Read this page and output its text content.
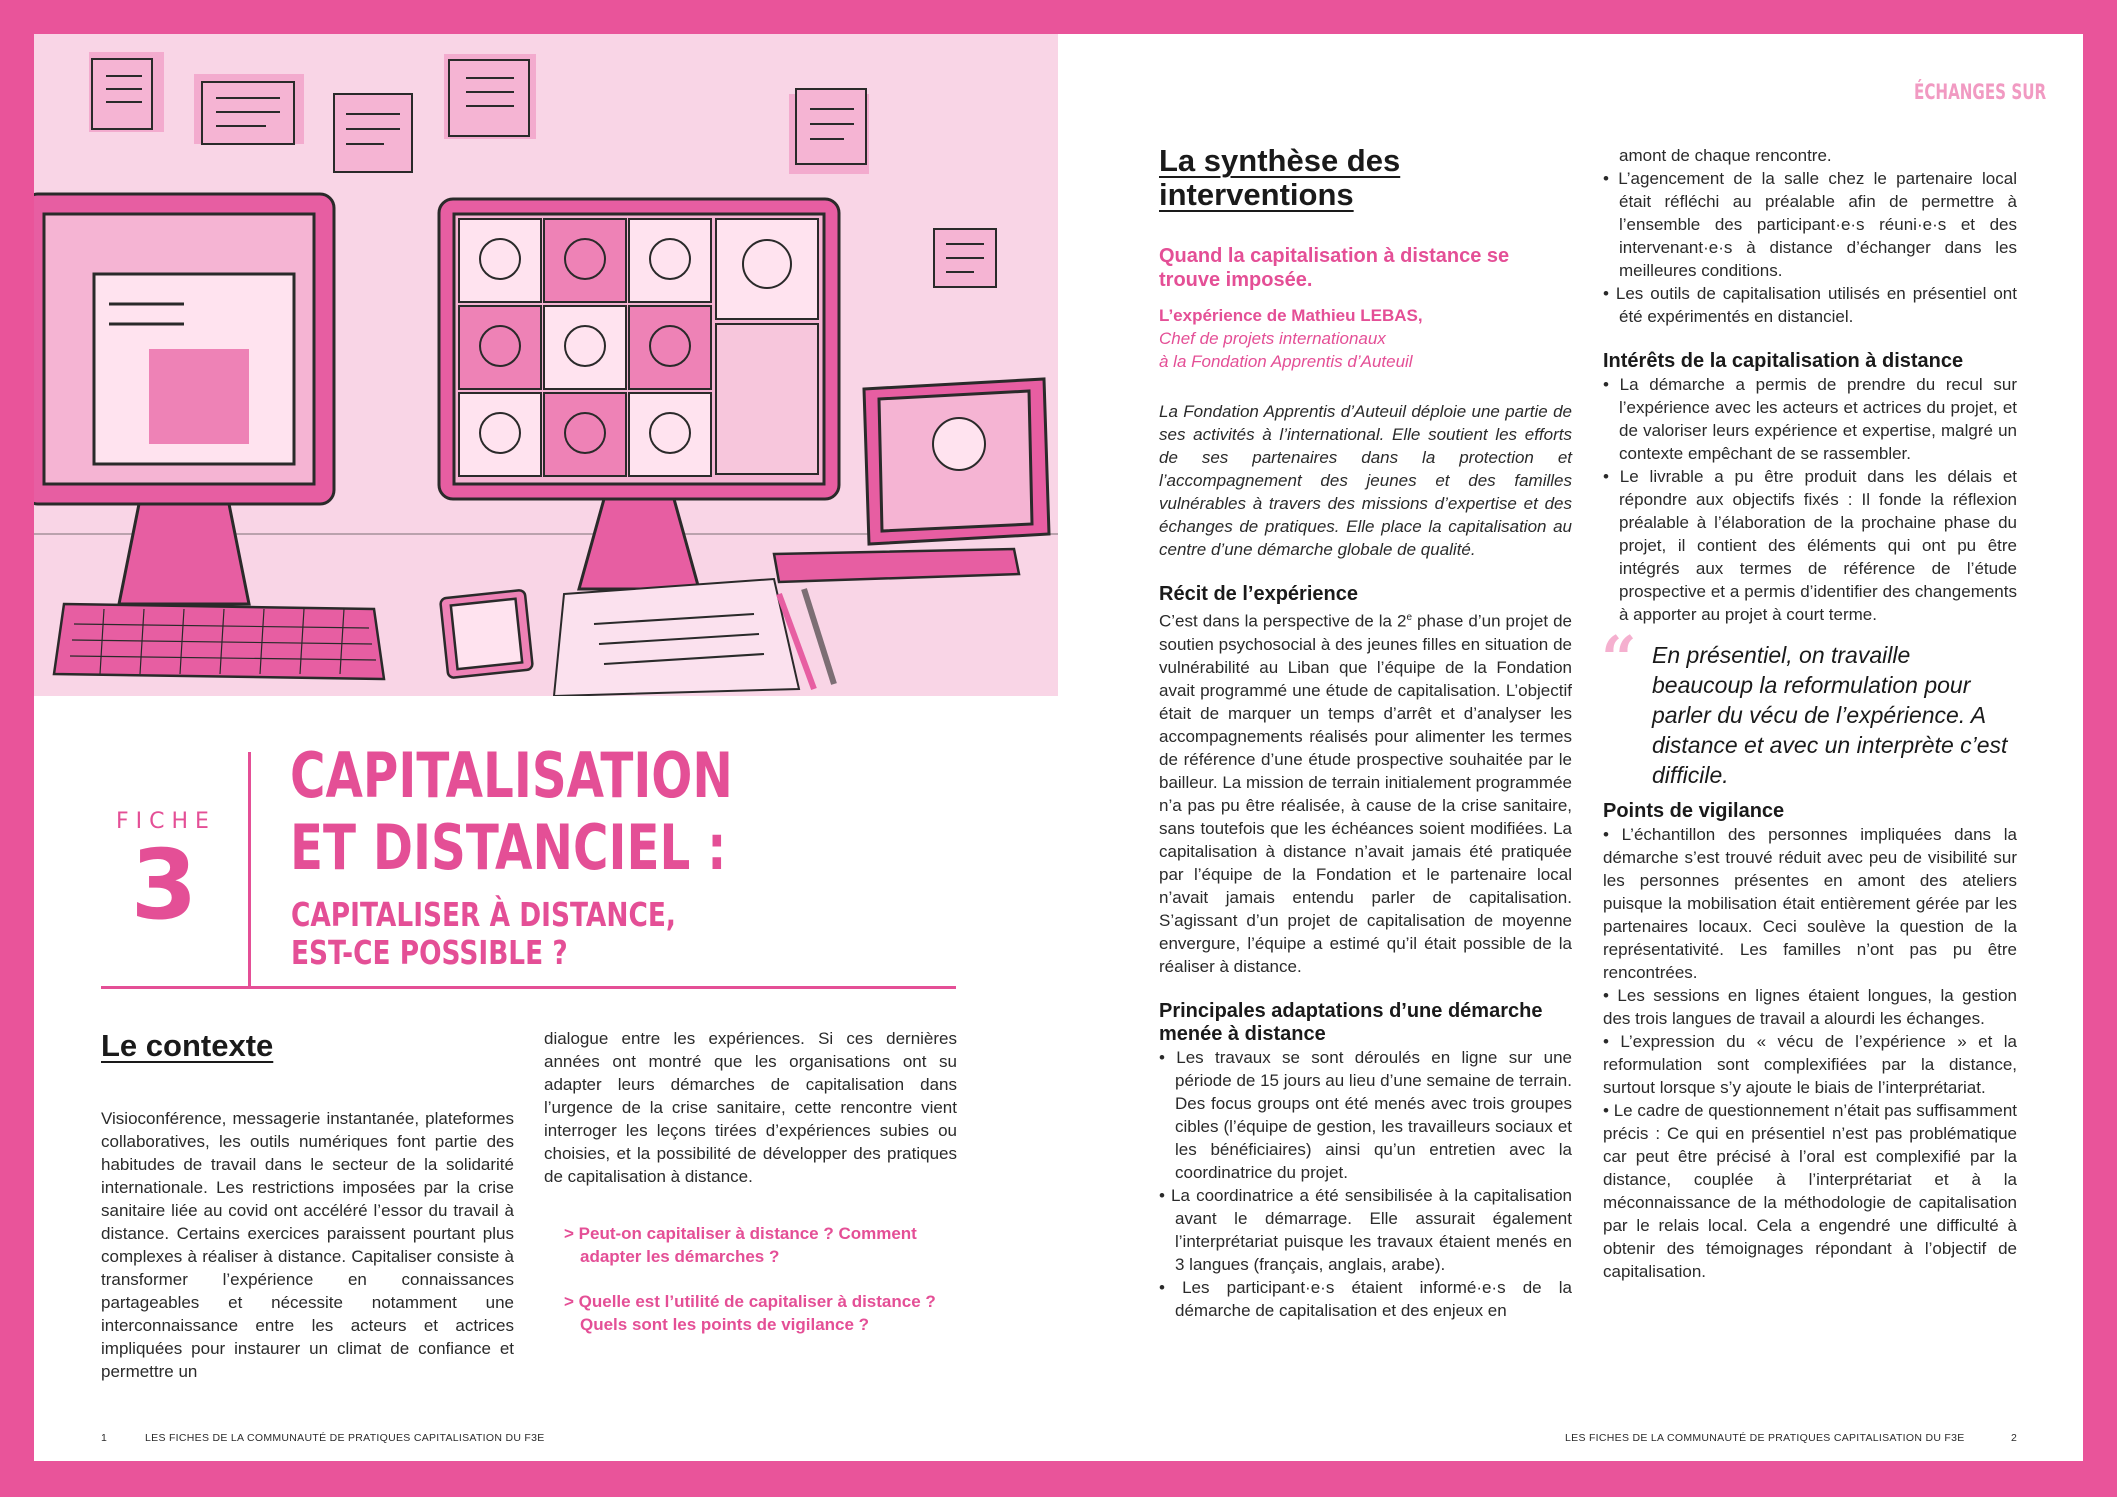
FICHE
3
CAPITALISATION
ET DISTANCIEL :
CAPITALISER À DISTANCE,
EST-CE POSSIBLE ?
Le contexte
Visioconférence, messagerie instantanée, plateformes collaboratives, les outils numériques font partie des habitudes de travail dans le secteur de la solidarité internationale. Les restrictions imposées par la crise sanitaire liée au covid ont accéléré l’essor du travail à distance. Certains exercices paraissent pourtant plus complexes à réaliser à distance. Capitaliser consiste à transformer l’expérience en connaissances partageables et nécessite notamment une interconnaissance entre les acteurs et actrices impliquées pour instaurer un climat de confiance et permettre un
dialogue entre les expériences. Si ces dernières années ont montré que les organisations ont su adapter leurs démarches de capitalisation dans l’urgence de la crise sanitaire, cette rencontre vient interroger les leçons tirées d’expériences subies ou choisies, et la possibilité de développer des pratiques de capitalisation à distance.
> Peut-on capitaliser à distance ? Comment adapter les démarches ?
> Quelle est l’utilité de capitaliser à distance ? Quels sont les points de vigilance ?
1	LES FICHES DE LA COMMUNAUTÉ DE PRATIQUES CAPITALISATION DU F3E
ÉCHANGES SUR
La synthèse des interventions
Quand la capitalisation à distance se trouve imposée.
L’expérience de Mathieu LEBAS,
Chef de projets internationaux
à la Fondation Apprentis d’Auteuil
La Fondation Apprentis d’Auteuil déploie une partie de ses activités à l’international. Elle soutient les efforts de ses partenaires dans la protection et l’accompagnement des jeunes et des familles vulnérables à travers des missions d’expertise et des échanges de pratiques. Elle place la capitalisation au centre d’une démarche globale de qualité.
Récit de l’expérience
C’est dans la perspective de la 2e phase d’un projet de soutien psychosocial à des jeunes filles en situation de vulnérabilité au Liban que l’équipe de la Fondation avait programmé une étude de capitalisation. L’objectif était de marquer un temps d’arrêt et d’analyser les accompagnements réalisés pour alimenter les termes de référence d’une étude prospective souhaitée par le bailleur. La mission de terrain initialement programmée n’a pas pu être réalisée, à cause de la crise sanitaire, sans toutefois que les échéances soient modifiées. La capitalisation à distance n’avait jamais été pratiquée par l’équipe de la Fondation et le partenaire local n’avait jamais entendu parler de capitalisation. S’agissant d’un projet de capitalisation de moyenne envergure, l’équipe a estimé qu’il était possible de la réaliser à distance.
Principales adaptations d’une démarche menée à distance
• Les travaux se sont déroulés en ligne sur une période de 15 jours au lieu d’une semaine de terrain. Des focus groups ont été menés avec trois groupes cibles (l’équipe de gestion, les travailleurs sociaux et les bénéficiaires) ainsi qu’un entretien avec la coordinatrice du projet.
• La coordinatrice a été sensibilisée à la capitalisation avant le démarrage. Elle assurait également l’interprétariat puisque les travaux étaient menés en 3 langues (français, anglais, arabe).
• Les participant·e·s étaient informé·e·s de la démarche de capitalisation et des enjeux en
amont de chaque rencontre.
• L’agencement de la salle chez le partenaire local était réfléchi au préalable afin de permettre à l’ensemble des participant·e·s réuni·e·s et des intervenant·e·s à distance d’échanger dans les meilleures conditions.
• Les outils de capitalisation utilisés en présentiel ont été expérimentés en distanciel.
Intérêts de la capitalisation à distance
• La démarche a permis de prendre du recul sur l’expérience avec les acteurs et actrices du projet, et de valoriser leurs expérience et expertise, malgré un contexte empêchant de se rassembler.
• Le livrable a pu être produit dans les délais et répondre aux objectifs fixés : Il fonde la réflexion préalable à l’élaboration de la prochaine phase du projet, il contient des éléments qui ont pu être intégrés aux termes de référence de l’étude prospective et a permis d’identifier des changements à apporter au projet à court terme.
“ En présentiel, on travaille beaucoup la reformulation pour parler du vécu de l’expérience. A distance et avec un interprète c’est difficile.
Points de vigilance
• L’échantillon des personnes impliquées dans la démarche s’est trouvé réduit avec peu de visibilité sur les personnes présentes en amont des ateliers puisque la mobilisation était entièrement gérée par les partenaires locaux. Ceci soulève la question de la représentativité. Les familles n’ont pas pu être rencontrées.
• Les sessions en lignes étaient longues, la gestion des trois langues de travail a alourdi les échanges.
• L’expression du « vécu de l’expérience » et la reformulation sont complexifiées par la distance, surtout lorsque s’y ajoute le biais de l’interprétariat.
• Le cadre de questionnement n’était pas suffisamment précis : Ce qui en présentiel n’est pas problématique car peut être précisé à l’oral est complexifié par la distance, couplée à l’interprétariat et à la méconnaissance de la méthodologie de capitalisation par le relais local. Cela a engendré une difficulté à obtenir des témoignages répondant à l’objectif de capitalisation.
LES FICHES DE LA COMMUNAUTÉ DE PRATIQUES CAPITALISATION DU F3E	2
